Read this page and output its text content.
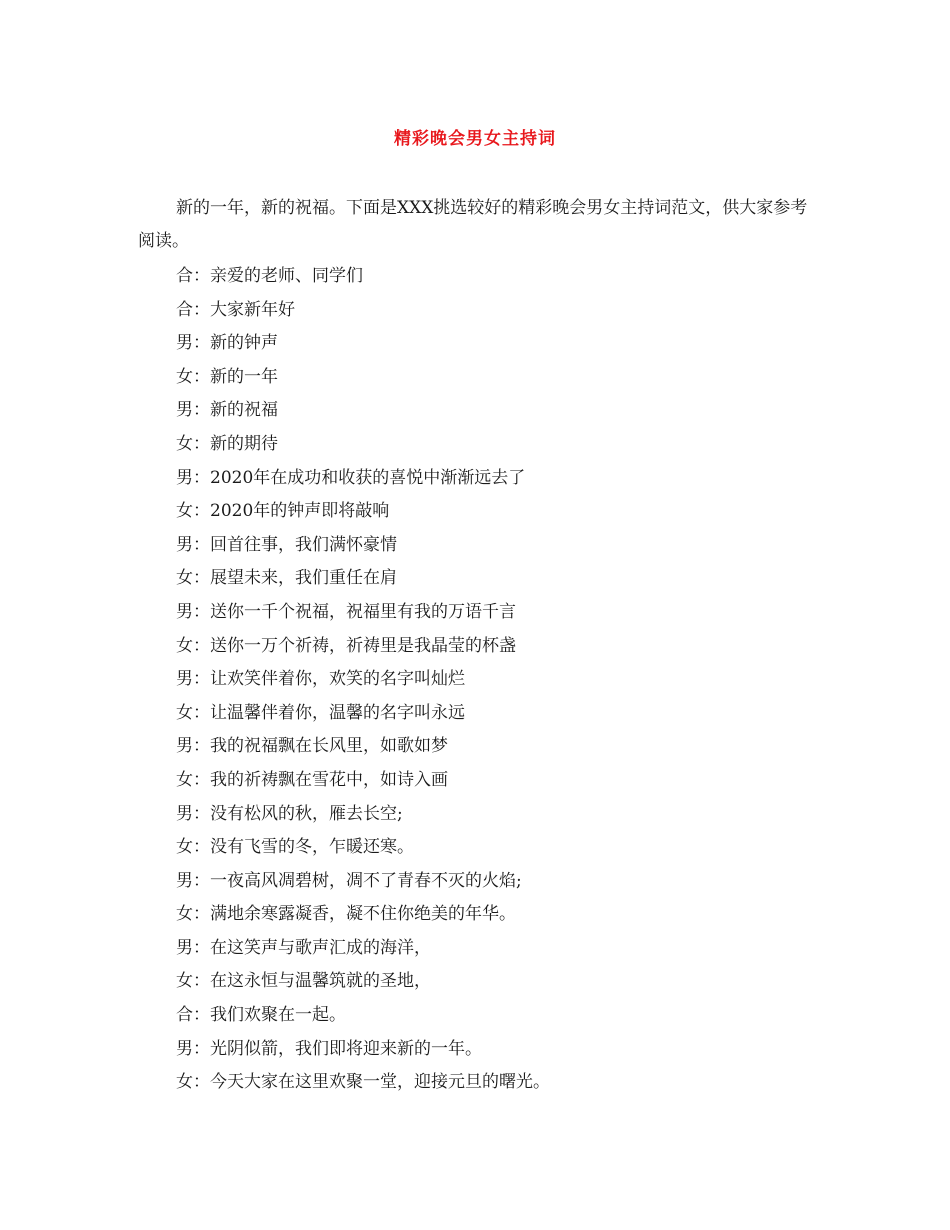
精彩晚会男女主持词
新的一年，新的祝福。下面是XXX挑选较好的精彩晚会男女主持词范文，供大家参考阅读。
合：亲爱的老师、同学们
合：大家新年好
男：新的钟声
女：新的一年
男：新的祝福
女：新的期待
男：2020年在成功和收获的喜悦中渐渐远去了
女：2020年的钟声即将敲响
男：回首往事，我们满怀豪情
女：展望未来，我们重任在肩
男：送你一千个祝福，祝福里有我的万语千言
女：送你一万个祈祷，祈祷里是我晶莹的杯盏
男：让欢笑伴着你，欢笑的名字叫灿烂
女：让温馨伴着你，温馨的名字叫永远
男：我的祝福飘在长风里，如歌如梦
女：我的祈祷飘在雪花中，如诗入画
男：没有松风的秋，雁去长空;
女：没有飞雪的冬，乍暖还寒。
男：一夜高风凋碧树，凋不了青春不灭的火焰;
女：满地余寒露凝香，凝不住你绝美的年华。
男：在这笑声与歌声汇成的海洋，
女：在这永恒与温馨筑就的圣地，
合：我们欢聚在一起。
男：光阴似箭，我们即将迎来新的一年。
女：今天大家在这里欢聚一堂，迎接元旦的曙光。
